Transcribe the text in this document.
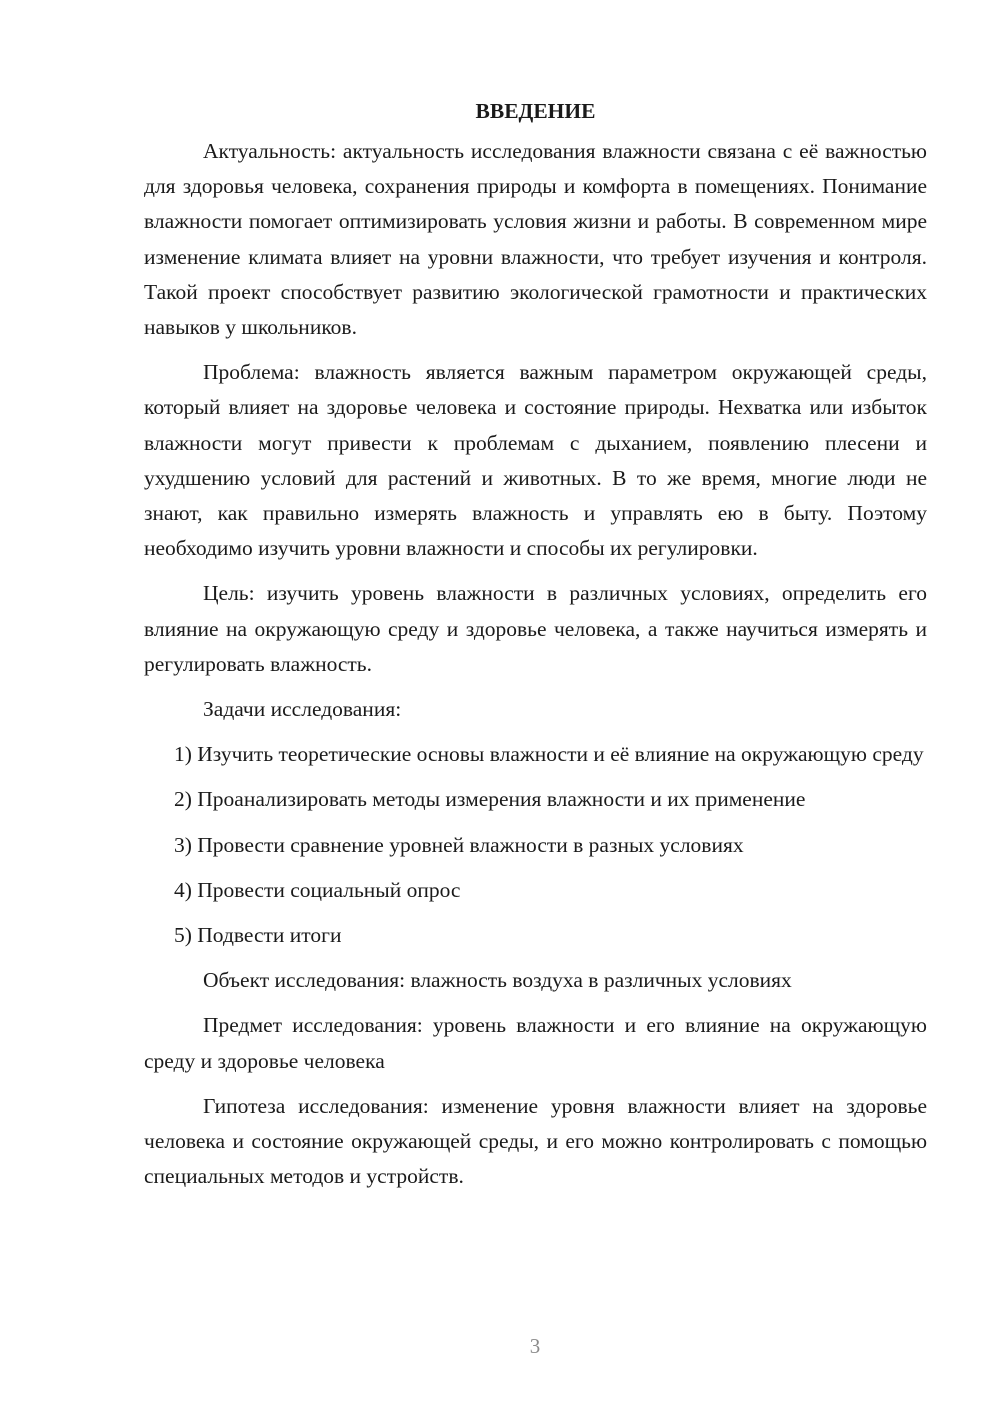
ВВЕДЕНИЕ

Актуальность: актуальность исследования влажности связана с её важностью для здоровья человека, сохранения природы и комфорта в помещениях. Понимание влажности помогает оптимизировать условия жизни и работы. В современном мире изменение климата влияет на уровни влажности, что требует изучения и контроля. Такой проект способствует развитию экологической грамотности и практических навыков у школьников.

Проблема: влажность является важным параметром окружающей среды, который влияет на здоровье человека и состояние природы. Нехватка или избыток влажности могут привести к проблемам с дыханием, появлению плесени и ухудшению условий для растений и животных. В то же время, многие люди не знают, как правильно измерять влажность и управлять ею в быту. Поэтому необходимо изучить уровни влажности и способы их регулировки.

Цель: изучить уровень влажности в различных условиях, определить его влияние на окружающую среду и здоровье человека, а также научиться измерять и регулировать влажность.

Задачи исследования:

1) Изучить теоретические основы влажности и её влияние на окружающую среду

2) Проанализировать методы измерения влажности и их применение

3) Провести сравнение уровней влажности в разных условиях

4) Провести социальный опрос

5) Подвести итоги

Объект исследования: влажность воздуха в различных условиях

Предмет исследования: уровень влажности и его влияние на окружающую среду и здоровье человека

Гипотеза исследования: изменение уровня влажности влияет на здоровье человека и состояние окружающей среды, и его можно контролировать с помощью специальных методов и устройств.

3
